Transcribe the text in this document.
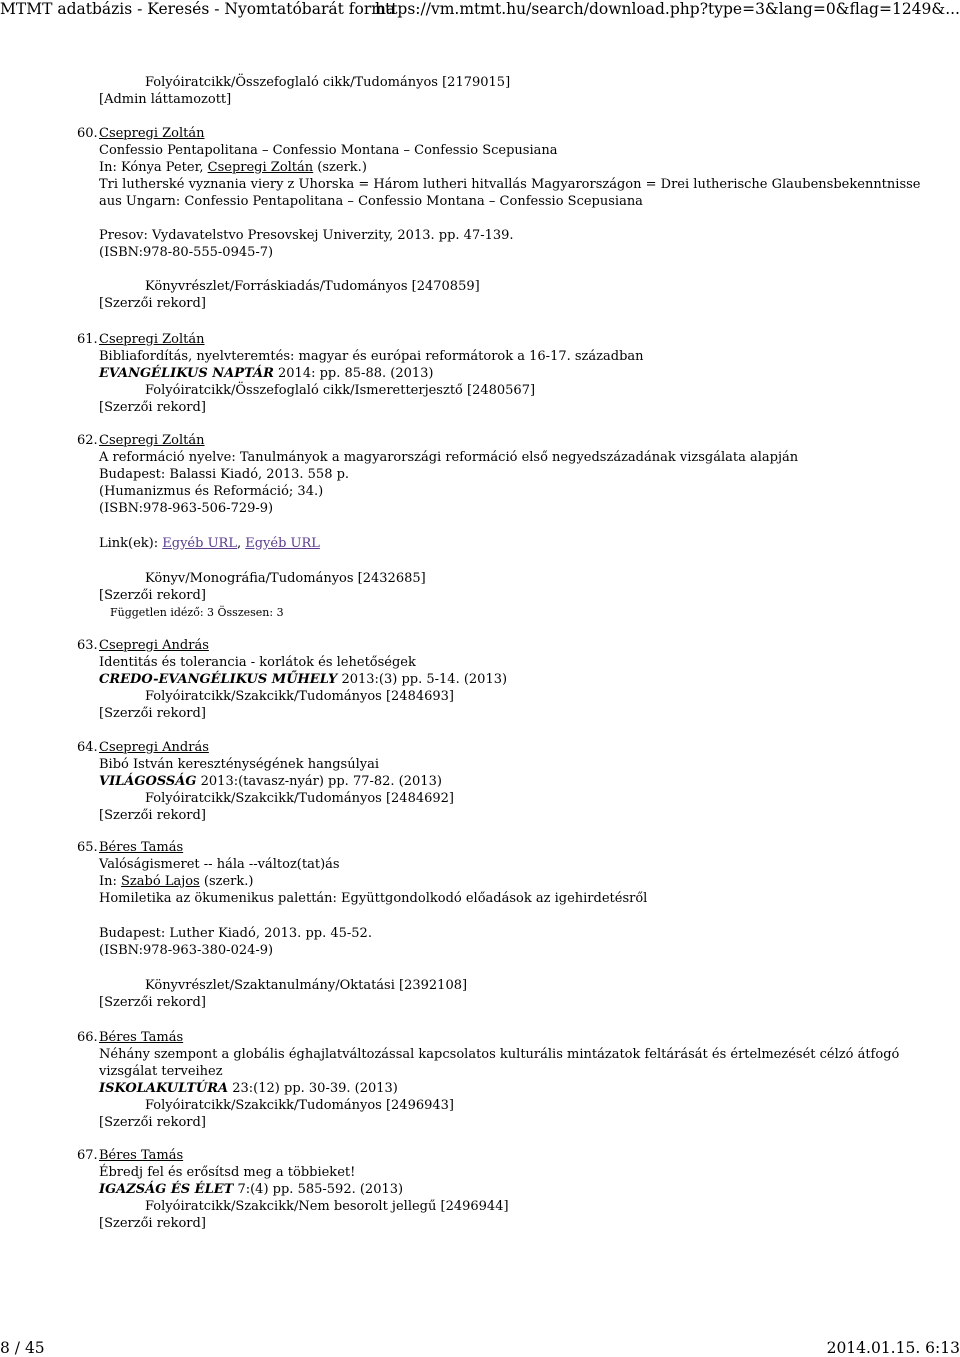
MTMT adatbázis - Keresés - Nyomtatóbarát forma
https://vm.mtmt.hu/search/download.php?type=3&lang=0&flag=1249&...
Folyóiratcikk/Összefoglaló cikk/Tudományos [2179015]
[Admin láttamozott]
60. Csepregi Zoltán
Confessio Pentapolitana – Confessio Montana – Confessio Scepusiana
In: Kónya Peter, Csepregi Zoltán (szerk.)
Tri lutherské vyznania viery z Uhorska = Három lutheri hitvallás Magyarországon = Drei lutherische Glaubensbekenntnisse
aus Ungarn: Confessio Pentapolitana – Confessio Montana – Confessio Scepusiana
Presov: Vydavatelstvo Presovskej Univerzity, 2013. pp. 47-139.
(ISBN:978-80-555-0945-7)
Könyvrészlet/Forráskiadás/Tudományos [2470859]
[Szerzői rekord]
61. Csepregi Zoltán
Bibliafordítás, nyelvteremtés: magyar és európai reformátorok a 16-17. században
EVANGÉLIKUS NAPTÁR 2014: pp. 85-88. (2013)
Folyóiratcikk/Összefoglaló cikk/Ismeretterjesztő [2480567]
[Szerzői rekord]
62. Csepregi Zoltán
A reformáció nyelve: Tanulmányok a magyarországi reformáció első negyedszázadának vizsgálata alapján
Budapest: Balassi Kiadó, 2013. 558 p.
(Humanizmus és Reformáció; 34.)
(ISBN:978-963-506-729-9)
Link(ek): Egyéb URL, Egyéb URL
Könyv/Monográfia/Tudományos [2432685]
[Szerzői rekord]
Független idéző: 3 Összesen: 3
63. Csepregi András
Identitás és tolerancia - korlátok és lehetőségek
CREDO-EVANGÉLIKUS MŰHELY 2013:(3) pp. 5-14. (2013)
Folyóiratcikk/Szakcikk/Tudományos [2484693]
[Szerzői rekord]
64. Csepregi András
Bibó István kereszténységének hangsúlyai
VILÁGOSSÁG 2013:(tavasz-nyár) pp. 77-82. (2013)
Folyóiratcikk/Szakcikk/Tudományos [2484692]
[Szerzői rekord]
65. Béres Tamás
Valóságismeret -- hála --változ(tat)ás
In: Szabó Lajos (szerk.)
Homiletika az ökumenikus palettán: Együttgondolkodó előadások az igehirdetésről
Budapest: Luther Kiadó, 2013. pp. 45-52.
(ISBN:978-963-380-024-9)
Könyvrészlet/Szaktanulmány/Oktatási [2392108]
[Szerzői rekord]
66. Béres Tamás
Néhány szempont a globális éghajlatváltozással kapcsolatos kulturális mintázatok feltárását és értelmezését célzó átfogó
vizsgálat terveihez
ISKOLAKULTÚRA 23:(12) pp. 30-39. (2013)
Folyóiratcikk/Szakcikk/Tudományos [2496943]
[Szerzői rekord]
67. Béres Tamás
Ébredj fel és erősítsd meg a többieket!
IGAZSÁG ÉS ÉLET 7:(4) pp. 585-592. (2013)
Folyóiratcikk/Szakcikk/Nem besorolt jellegű [2496944]
[Szerzői rekord]
8 / 45	2014.01.15. 6:13
